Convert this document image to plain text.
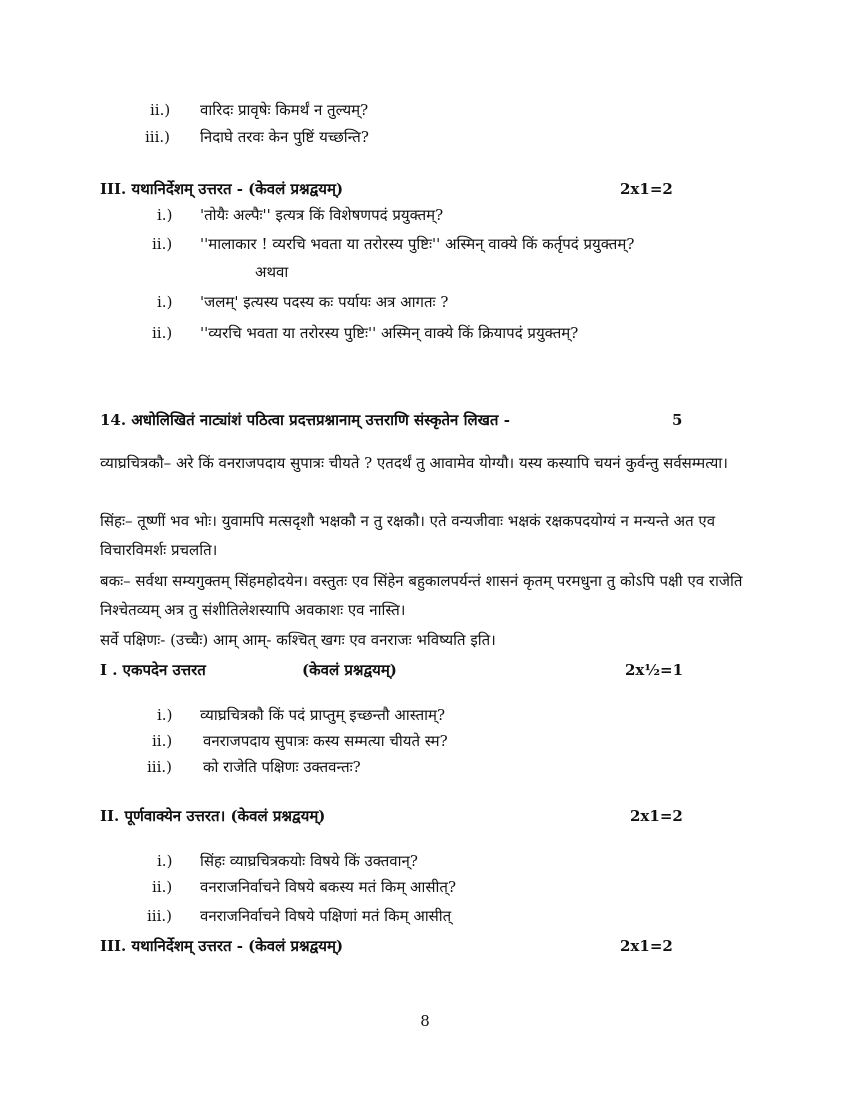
ii.) वारिदः प्रावृषेः किमर्थं न तुल्यम्?
iii.) निदाघे तरवः केन पुष्टिं यच्छन्ति?
III. यथानिर्देशम् उत्तरत - (केवलं प्रश्नद्वयम्)	2x1=2
i.) 'तोयैः अल्पैः'' इत्यत्र किं विशेषणपदं प्रयुक्तम्?
ii.) ''मालाकार ! व्यरचि भवता या तरोरस्य पुष्टिः'' अस्मिन् वाक्ये किं कर्तृपदं प्रयुक्तम्?
अथवा
i.) 'जलम्' इत्यस्य पदस्य कः पर्यायः अत्र आगतः ?
ii.) ''व्यरचि भवता या तरोरस्य पुष्टिः'' अस्मिन् वाक्ये किं क्रियापदं प्रयुक्तम्?
14. अधोलिखितं नाट्यांशं पठित्वा प्रदत्तप्रश्नानाम् उत्तराणि संस्कृतेन लिखत -	5
व्याघ्रचित्रकौ– अरे किं वनराजपदाय सुपात्रः चीयते ? एतदर्थं तु आवामेव योग्यौ। यस्य कस्यापि चयनं कुर्वन्तु सर्वसम्मत्या।
सिंहः– तूष्णीं भव भोः। युवामपि मत्सदृशौ भक्षकौ न तु रक्षकौ। एते वन्यजीवाः भक्षकं रक्षकपदयोग्यं न मन्यन्ते अत एव विचारविमर्शः प्रचलति।
बकः– सर्वथा सम्यगुक्तम् सिंहमहोदयेन। वस्तुतः एव सिंहेन बहुकालपर्यन्तं शासनं कृतम् परमधुना तु कोऽपि पक्षी एव राजेति निश्चेतव्यम् अत्र तु संशीतिलेशस्यापि अवकाशः एव नास्ति।
सर्वे पक्षिणः- (उच्चैः) आम् आम्- कश्चित् खगः एव वनराजः भविष्यति इति।
I . एकपदेन उत्तरत	(केवलं प्रश्नद्वयम्)	2x½=1
i.) व्याघ्रचित्रकौ किं पदं प्राप्तुम् इच्छन्तौ आस्ताम्?
ii.) वनराजपदाय सुपात्रः कस्य सम्मत्या चीयते स्म?
iii.) को राजेति पक्षिणः उक्तवन्तः?
II. पूर्णवाक्येन उत्तरत। (केवलं प्रश्नद्वयम्)	2x1=2
i.) सिंहः व्याघ्रचित्रकयोः विषये किं उक्तवान्?
ii.) वनराजनिर्वाचने विषये बकस्य मतं किम् आसीत्?
iii.) वनराजनिर्वाचने विषये पक्षिणां मतं किम् आसीत्
III. यथानिर्देशम् उत्तरत - (केवलं प्रश्नद्वयम्)	2x1=2
8
